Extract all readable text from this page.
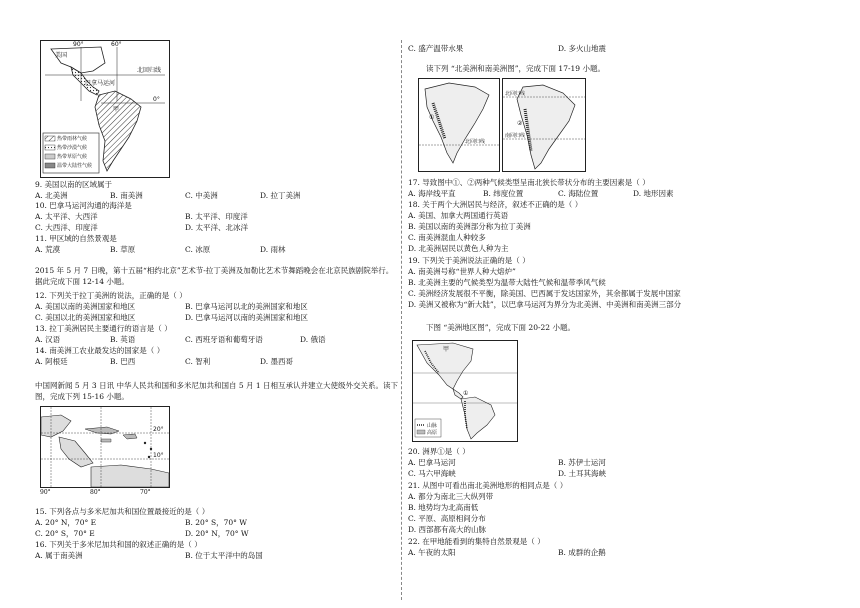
热带雨林气候
热带沙漠气候
热带草原气候
温带大陆性气候
90°	60°
美国
巴拿马运河
北回归线
甲
0°
9. 美国以南的区域属于
A. 北美洲	B. 南美洲	C. 中美洲	D. 拉丁美洲
10. 巴拿马运河沟通的海洋是
A. 太平洋、大西洋	B. 太平洋、印度洋
C. 大西洋、印度洋	D. 太平洋、北冰洋
11. 甲区域的自然景观是
A. 荒漠	B. 草原	C. 冰原	D. 雨林
2015 年 5 月 7 日晚，第十五届“相约北京”艺术节-拉丁美洲及加勒比艺术节舞蹈晚会在北京民族剧院举行。
据此完成下面 12-14 小题。
12. 下列关于拉丁美洲的说法，正确的是（ ）
A. 美国以南的美洲国家和地区	B. 巴拿马运河以北的美洲国家和地区
C. 美国以北的美洲国家和地区	D. 巴拿马运河以南的美洲国家和地区
13. 拉丁美洲居民主要通行的语言是（ ）
A. 汉语	B. 英语	C. 西班牙语和葡萄牙语	D. 俄语
14. 南美洲工农业最发达的国家是（ ）
A. 阿根廷	B. 巴西	C. 智利	D. 墨西哥
中国网新闻 5 月 3 日讯 中华人民共和国和多米尼加共和国自 5 月 1 日相互承认并建立大使级外交关系。读下
图，完成下列 15-16 小题。
20°
10°
90°	80°	70°
15. 下列各点与多米尼加共和国位置最接近的是（ ）
A. 20° N，70° E	B. 20° S，70° W
C. 20° S，70° E	D. 20° N，70° W
16. 下列关于多米尼加共和国的叙述正确的是（ ）
A. 属于南美洲	B. 位于太平洋中的岛国
C. 盛产温带水果	D. 多火山地震
读下列 “北美洲和南美洲图”，完成下面 17-19 小题。
①
北回归线
②
北回归线
南回归线
17. 导致图中①、②两种气候类型呈南北狭长带状分布的主要因素是（ ）
A. 海岸线平直	B. 纬度位置	C. 海陆位置	D. 地形因素
18. 关于两个大洲居民与经济，叙述不正确的是（ ）
A. 美国、加拿大两国通行英语
B. 美国以南的美洲部分称为拉丁美洲
C. 南美洲混血人种较多
D. 北美洲居民以黄色人种为主
19. 下列关于美洲说法正确的是（ ）
A. 南美洲号称“世界人种大熔炉”
B. 北美洲主要的气候类型为温带大陆性气候和温带季风气候
C. 美洲经济发展很不平衡，除美国、巴西属于发达国家外，其余都属于发展中国家
D. 美洲又被称为“新大陆”，以巴拿马运河为界分为北美洲、中美洲和南美洲三部分
下图 “美洲地区图”，完成下面 20-22 小题。
山脉
高原
甲
①
20. 洲界①是（ ）
A. 巴拿马运河	B. 苏伊士运河
C. 马六甲海峡	D. 土耳其海峡
21. 从图中可看出南北美洲地形的相同点是（ ）
A. 都分为南北三大纵列带
B. 地势均为北高南低
C. 平原、高原相间分布
D. 西部都有高大的山脉
22. 在甲地能看到的集特自然景观是（ ）
A. 午夜的太阳	B. 成群的企鹅
